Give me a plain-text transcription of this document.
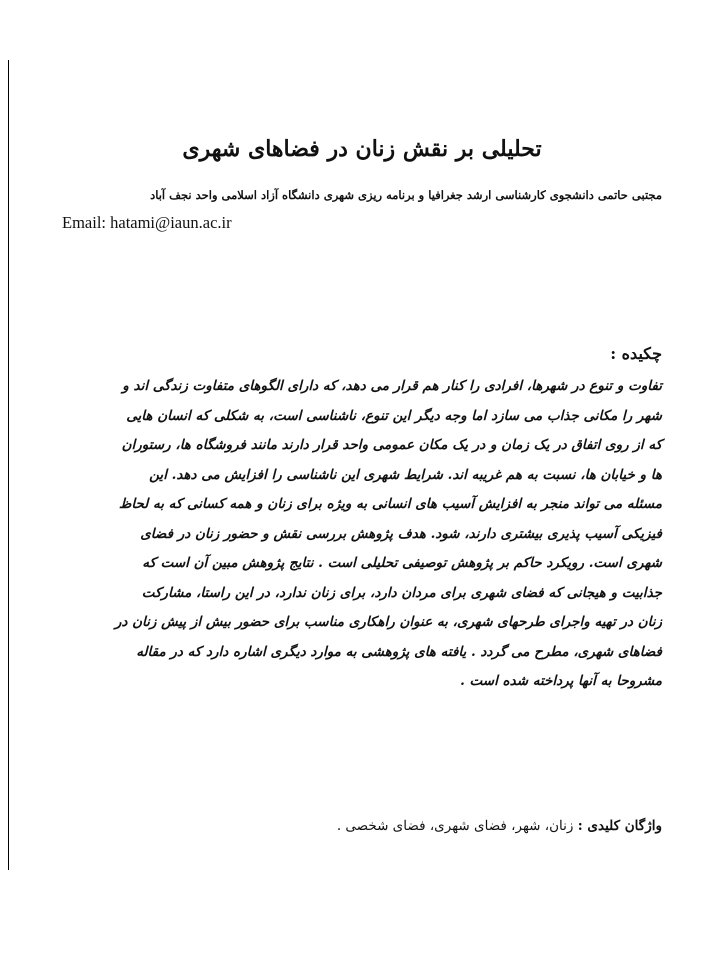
تحلیلی بر نقش زنان در فضاهای شهری
مجتبی حاتمی دانشجوی کارشناسی ارشد جغرافیا و برنامه ریزی شهری دانشگاه آزاد اسلامی واحد نجف آباد
Email: hatami@iaun.ac.ir
چکیده :
تفاوت و تنوع در شهرها، افرادی را کنار هم قرار می دهد، که دارای الگوهای متفاوت زندگی اند و
شهر را مکانی جذاب می سازد اما وجه دیگر این تنوع، ناشناسی است، به شکلی که انسان هایی
که از روی اتفاق در یک زمان و در یک مکان عمومی واحد قرار دارند مانند فروشگاه ها، رستوران
ها و خیابان ها، نسبت به هم غریبه اند. شرایط شهری این ناشناسی را افزایش می دهد. این
مسئله می تواند منجر به افزایش آسیب های انسانی به ویژه برای زنان و همه کسانی که به لحاظ
فیزیکی آسیب پذیری بیشتری دارند، شود. هدف پژوهش بررسی نقش و حضور زنان در فضای
شهری است. رویکرد حاکم بر پژوهش توصیفی تحلیلی است . نتایج پژوهش مبین آن است که
جذابیت و هیجانی که فضای شهری برای مردان دارد، برای زنان ندارد، در این راستا، مشارکت
زنان در تهیه واجرای طرحهای شهری، به عنوان راهکاری مناسب برای حضور بیش از پیش زنان در
فضاهای شهری، مطرح می گردد . یافته های پژوهشی به موارد دیگری اشاره دارد که در مقاله
مشروحا به آنها پرداخته شده است .
واژگان کلیدی : زنان، شهر، فضای شهری، فضای شخصی .
